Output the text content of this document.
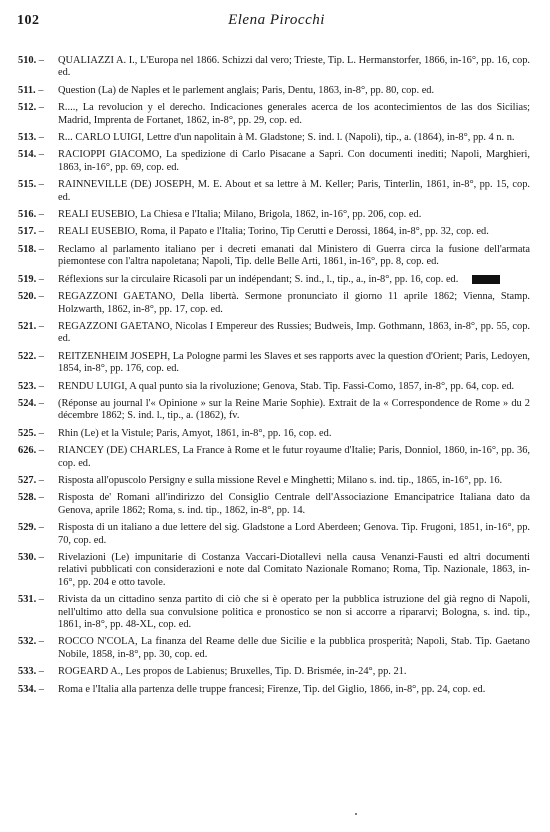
102	Elena Pirocchi
510. –	QUALIAZZI A. I., L'Europa nel 1866. Schizzi dal vero; Trieste, Tip. L. Hermanstorfer, 1866, in-16°, pp. 16, cop. ed.
511. –	Question (La) de Naples et le parlement anglais; Paris, Dentu, 1863, in-8°, pp. 80, cop. ed.
512. –	R...., La revolucion y el derecho. Indicaciones generales acerca de los acontecimientos de las dos Sicilias; Madrid, Imprenta de Fortanet, 1862, in-8°, pp. 29, cop. ed.
513. –	R... CARLO LUIGI, Lettre d'un napolitain à M. Gladstone; S. ind. l. (Napoli), tip., a. (1864), in-8°, pp. 4 n. n.
514. –	RACIOPPI GIACOMO, La spedizione di Carlo Pisacane a Sapri. Con documenti inediti; Napoli, Marghieri, 1863, in-16°, pp. 69, cop. ed.
515. –	RAINNEVILLE (DE) JOSEPH, M. E. About et sa lettre à M. Keller; Paris, Tinterlin, 1861, in-8°, pp. 15, cop. ed.
516. –	REALI EUSEBIO, La Chiesa e l'Italia; Milano, Brigola, 1862, in-16°, pp. 206, cop. ed.
517. –	REALI EUSEBIO, Roma, il Papato e l'Italia; Torino, Tip Cerutti e Derossi, 1864, in-8°, pp. 32, cop. ed.
518. –	Reclamo al parlamento italiano per i decreti emanati dal Ministero di Guerra circa la fusione dell'armata piemontese con l'altra napoletana; Napoli, Tip. delle Belle Arti, 1861, in-16°, pp. 8, cop. ed.
519. –	Réflexions sur la circulaire Ricasoli par un indépendant; S. ind., l., tip., a., in-8°, pp. 16, cop. ed.
520. –	REGAZZONI GAETANO, Della libertà. Sermone pronunciato il giorno 11 aprile 1862; Vienna, Stamp. Holzwarth, 1862, in-8°, pp. 17, cop. ed.
521. –	REGAZZONI GAETANO, Nicolas I Empereur des Russies; Budweis, Imp. Gothmann, 1863, in-8°, pp. 55, cop. ed.
522. –	REITZENHEIM JOSEPH, La Pologne parmi les Slaves et ses rapports avec la question d'Orient; Paris, Ledoyen, 1854, in-8°, pp. 176, cop. ed.
523. –	RENDU LUIGI, A qual punto sia la rivoluzione; Genova, Stab. Tip. Fassi-Como, 1857, in-8°, pp. 64, cop. ed.
524. –	(Réponse au journal l'« Opinione » sur la Reine Marie Sophie). Extrait de la « Correspondence de Rome » du 2 décembre 1862; S. ind. l., tip., a. (1862), fv.
525. –	Rhin (Le) et la Vistule; Paris, Amyot, 1861, in-8°, pp. 16, cop. ed.
626. –	RIANCEY (DE) CHARLES, La France à Rome et le futur royaume d'Italie; Paris, Donniol, 1860, in-16°, pp. 36, cop. ed.
527. –	Risposta all'opuscolo Persigny e sulla missione Revel e Minghetti; Milano s. ind. tip., 1865, in-16°, pp. 16.
528. –	Risposta de' Romani all'indirizzo del Consiglio Centrale dell'Associazione Emancipatrice Italiana dato da Genova, aprile 1862; Roma, s. ind. tip., 1862, in-8°, pp. 14.
529. –	Risposta di un italiano a due lettere del sig. Gladstone a Lord Aberdeen; Genova. Tip. Frugoni, 1851, in-16°, pp. 70, cop. ed.
530. –	Rivelazioni (Le) impunitarie di Costanza Vaccari-Diotallevi nella causa Venanzi-Fausti ed altri documenti relativi pubblicati con considerazioni e note dal Comitato Nazionale Romano; Roma, Tip. Nazionale, 1863, in-16°, pp. 204 e otto tavole.
531. –	Rivista da un cittadino senza partito di ciò che si è operato per la pubblica istruzione del già regno di Napoli, nell'ultimo atto della sua convulsione politica e pronostico se non si accorre a ripararvi; Bologna, s. ind. tip., 1861, in-8°, pp. 48-XL, cop. ed.
532. –	ROCCO N'COLA, La finanza del Reame delle due Sicilie e la pubblica prosperità; Napoli, Stab. Tip. Gaetano Nobile, 1858, in-8°, pp. 30, cop. ed.
533. –	ROGEARD A., Les propos de Labienus; Bruxelles, Tip. D. Brismée, in-24°, pp. 21.
534. –	Roma e l'Italia alla partenza delle truppe francesi; Firenze, Tip. del Giglio, 1866, in-8°, pp. 24, cop. ed.
